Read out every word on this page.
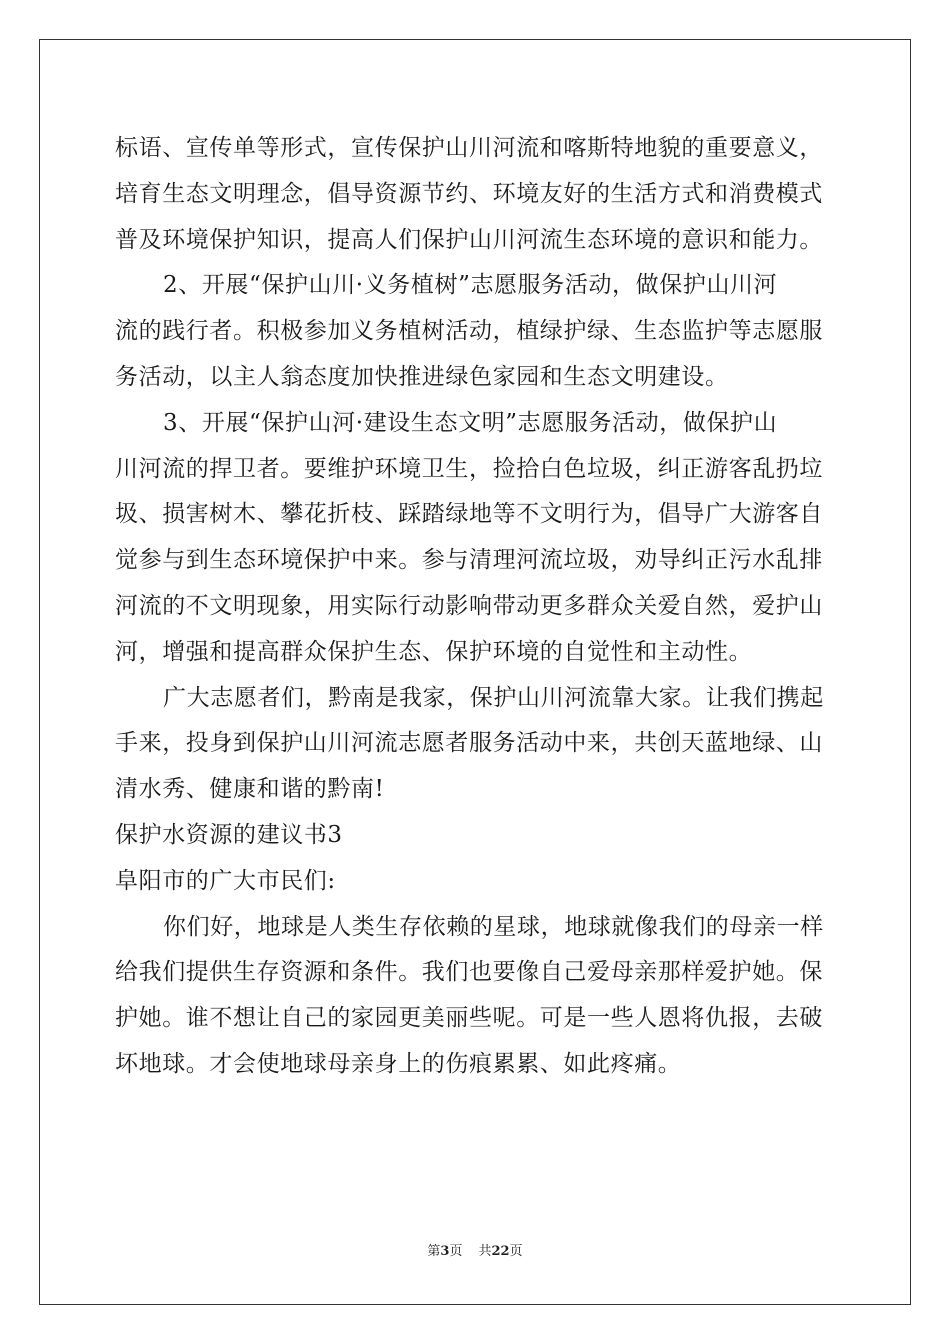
标语、宣传单等形式，宣传保护山川河流和喀斯特地貌的重要意义，
培育生态文明理念，倡导资源节约、环境友好的生活方式和消费模式
普及环境保护知识，提高人们保护山川河流生态环境的意识和能力。
2、开展“保护山川·义务植树”志愿服务活动，做保护山川河
流的践行者。积极参加义务植树活动，植绿护绿、生态监护等志愿服
务活动，以主人翁态度加快推进绿色家园和生态文明建设。
3、开展“保护山河·建设生态文明”志愿服务活动，做保护山
川河流的捍卫者。要维护环境卫生，捡拾白色垃圾，纠正游客乱扔垃
圾、损害树木、攀花折枝、踩踏绿地等不文明行为，倡导广大游客自
觉参与到生态环境保护中来。参与清理河流垃圾，劝导纠正污水乱排
河流的不文明现象，用实际行动影响带动更多群众关爱自然，爱护山
河，增强和提高群众保护生态、保护环境的自觉性和主动性。
广大志愿者们，黔南是我家，保护山川河流靠大家。让我们携起
手来，投身到保护山川河流志愿者服务活动中来，共创天蓝地绿、山
清水秀、健康和谐的黔南!
保护水资源的建议书3
阜阳市的广大市民们:
你们好，地球是人类生存依赖的星球，地球就像我们的母亲一样
给我们提供生存资源和条件。我们也要像自己爱母亲那样爱护她。保
护她。谁不想让自己的家园更美丽些呢。可是一些人恩将仇报，去破
坏地球。才会使地球母亲身上的伤痕累累、如此疼痛。
第3页 共22页
